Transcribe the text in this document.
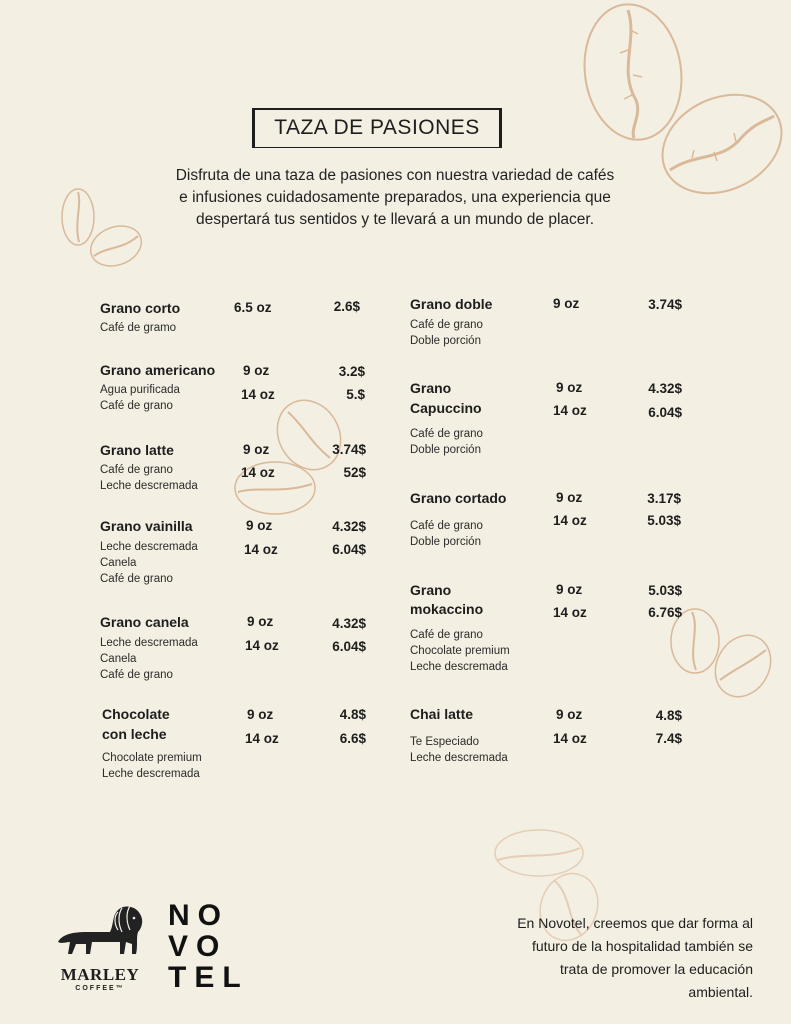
TAZA DE PASIONES
Disfruta de una taza de pasiones con nuestra variedad de cafés
e infusiones cuidadosamente preparados, una experiencia que
despertará tus sentidos y te llevará a un mundo de placer.
Grano corto	6.5 oz	2.6$
Café de gramo
Grano americano 9 oz	3.2$
14 oz	5.$
Agua purificada
Café de grano
Grano latte	9 oz	3.74$
14 oz	52$
Café de grano
Leche descremada
Grano vainilla	9 oz	4.32$
14 oz	6.04$
Leche descremada
Canela
Café de grano
Grano canela	9 oz	4.32$
14 oz	6.04$
Leche descremada
Canela
Café de grano
Chocolate
con leche
9 oz	4.8$
14 oz	6.6$
Chocolate premium
Leche descremada
Grano doble	9 oz	3.74$
Café de grano
Doble porción
Grano
Capuccino
9 oz	4.32$
14 oz	6.04$
Café de grano
Doble porción
Grano cortado	9 oz	3.17$
14 oz	5.03$
Café de grano
Doble porción
Grano
mokaccino
9 oz	5.03$
14 oz	6.76$
Café de grano
Chocolate premium
Leche descremada
Chai latte	9 oz	4.8$
14 oz	7.4$
Te Especiado
Leche descremada
MARLEY
COFFEE™
NO
VO
TEL
En Novotel, creemos que dar forma al
futuro de la hospitalidad también se
trata de promover la educación
ambiental.
